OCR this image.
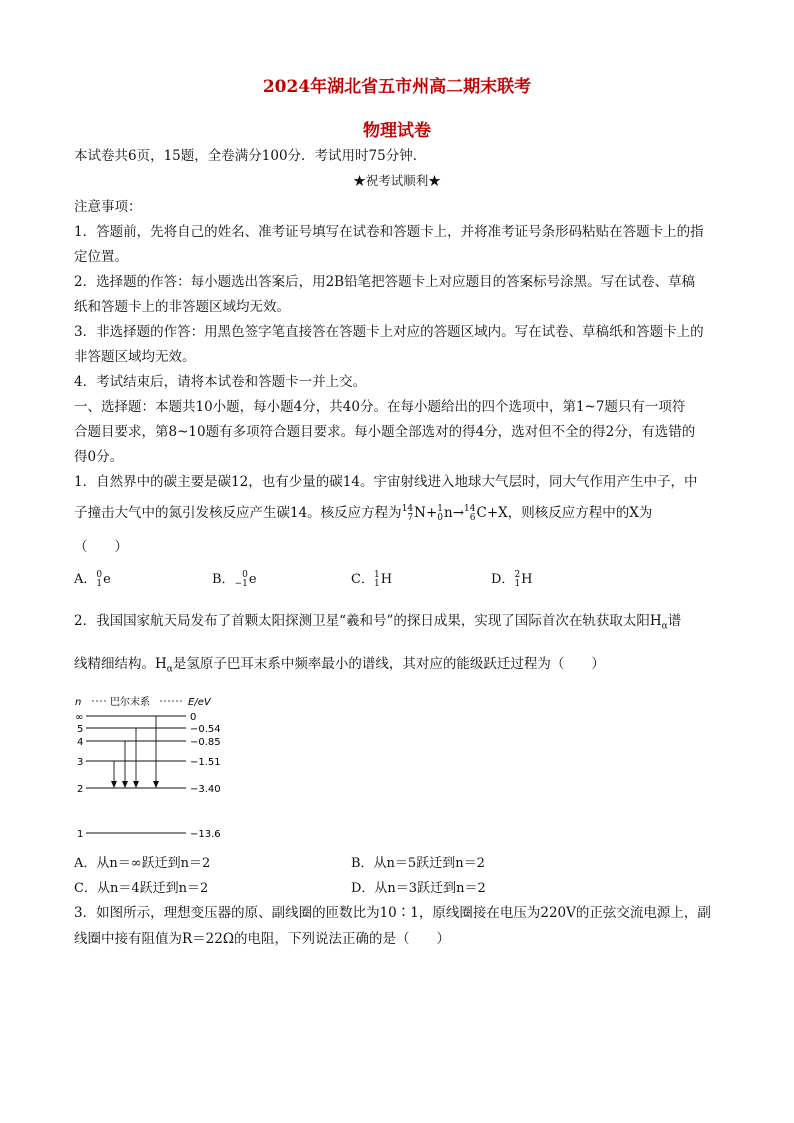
2024年湖北省五市州高二期末联考
物理试卷
本试卷共6页，15题，全卷满分100分．考试用时75分钟．
★祝考试顺利★
注意事项：
1．答题前，先将自己的姓名、准考证号填写在试卷和答题卡上，并将准考证号条形码粘贴在答题卡上的指
定位置。
2．选择题的作答：每小题选出答案后，用2B铅笔把答题卡上对应题目的答案标号涂黑。写在试卷、草稿
纸和答题卡上的非答题区域均无效。
3．非选择题的作答：用黑色签字笔直接答在答题卡上对应的答题区域内。写在试卷、草稿纸和答题卡上的
非答题区域均无效。
4．考试结束后，请将本试卷和答题卡一并上交。
一、选择题：本题共10小题，每小题4分，共40分。在每小题给出的四个选项中，第1~7题只有一项符
合题目要求，第8~10题有多项符合题目要求。每小题全部选对的得4分，选对但不全的得2分，有选错的
得0分。
1．自然界中的碳主要是碳12，也有少量的碳14。宇宙射线进入地球大气层时，同大气作用产生中子，中
子撞击大气中的氮引发核反应产生碳14。核反应方程为 14
7 N+ 1
0 n→ 14
6 C+X，则核反应方程中的X为
（　　）
A． 0
1 e	B． 0
−1 e	C． 1
1 H	D． 2
1 H
2．我国国家航天局发布了首颗太阳探测卫星“羲和号”的探日成果，实现了国际首次在轨获取太阳$H_\alpha$谱
线精细结构。$H_\alpha$是氢原子巴耳末系中频率最小的谱线，其对应的能级跃迁过程为（　　）
n	巴尔末系	E/eV
∞	0
5	−0.54
4	−0.85
3	−1.51
2	−3.40
1	−13.6
A．从n＝∞跃迁到n＝2	B．从n＝5跃迁到n＝2
C．从n＝4跃迁到n＝2	D．从n＝3跃迁到n＝2
3．如图所示，理想变压器的原、副线圈的匝数比为10∶1，原线圈接在电压为220V的正弦交流电源上，副
线圈中接有阻值为R＝22Ω的电阻，下列说法正确的是（　　）
